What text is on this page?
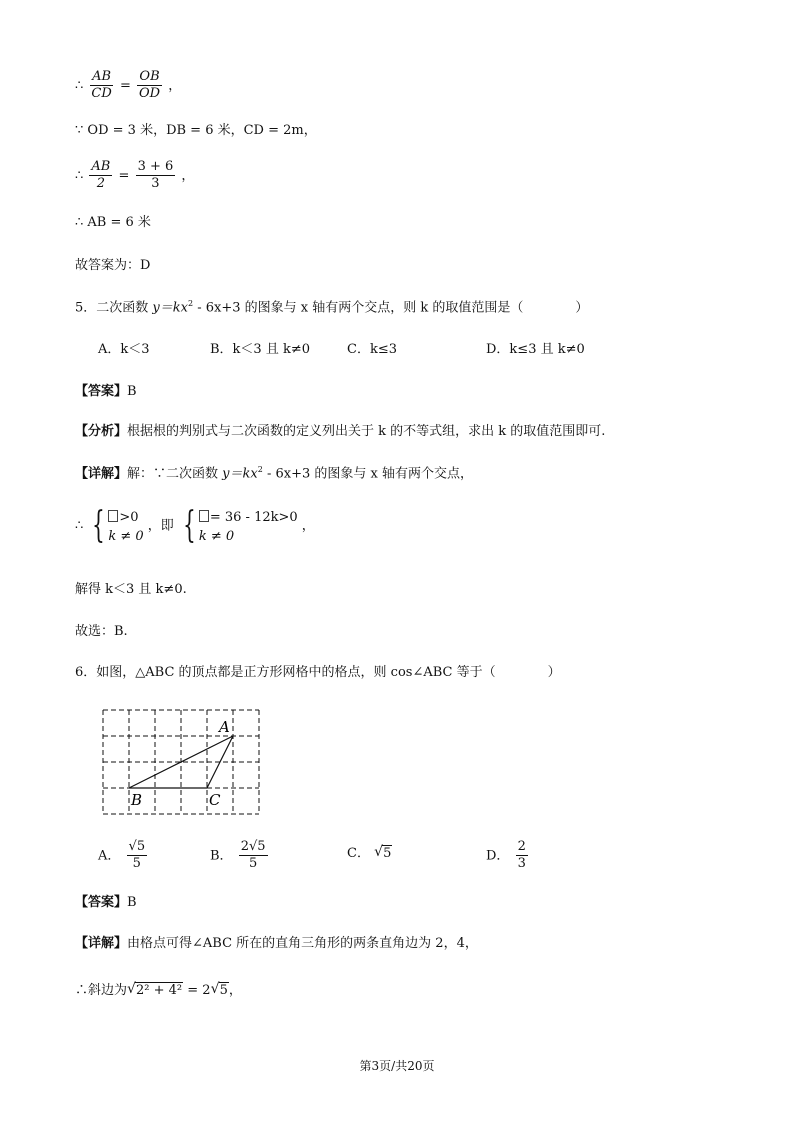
∴ $\frac{AB}{CD} = \frac{OB}{OD}$ ，
∵ OD = 3 米，DB = 6 米，CD = 2m，
∴ $\frac{AB}{2} = \frac{3 + 6}{3}$ ，
∴ AB = 6 米
故答案为：D
5．二次函数 $y=kx^2 - 6x+3$ 的图象与 x 轴有两个交点，则 k 的取值范围是（　　　　）
A．k＜3	B．k＜3 且 k≠0	C．k≤3	D．k≤3 且 k≠0
【答案】B
【分析】根据根的判别式与二次函数的定义列出关于 k 的不等式组，求出 k 的取值范围即可.
【详解】解：∵二次函数 $y=kx^2 - 6x+3$ 的图象与 x 轴有两个交点，
∴ {	>0
k ≠ 0
，即 {	= 36 - 12k>0
k ≠ 0
，
解得 k＜3 且 k≠0.
故选：B.
6．如图，△ABC 的顶点都是正方形网格中的格点，则 cos∠ABC 等于（　　　　）
A
B	C
A． $\frac{√5}{5}$	B． $\frac{2√5}{5}$	C． √ 5	D． $\frac{2}{3}$
【答案】B
【详解】由格点可得∠ABC 所在的直角三角形的两条直角边为 2，4，
∴斜边为 √ 2² + 4² = 2 √ 5，
第3页/共20页
